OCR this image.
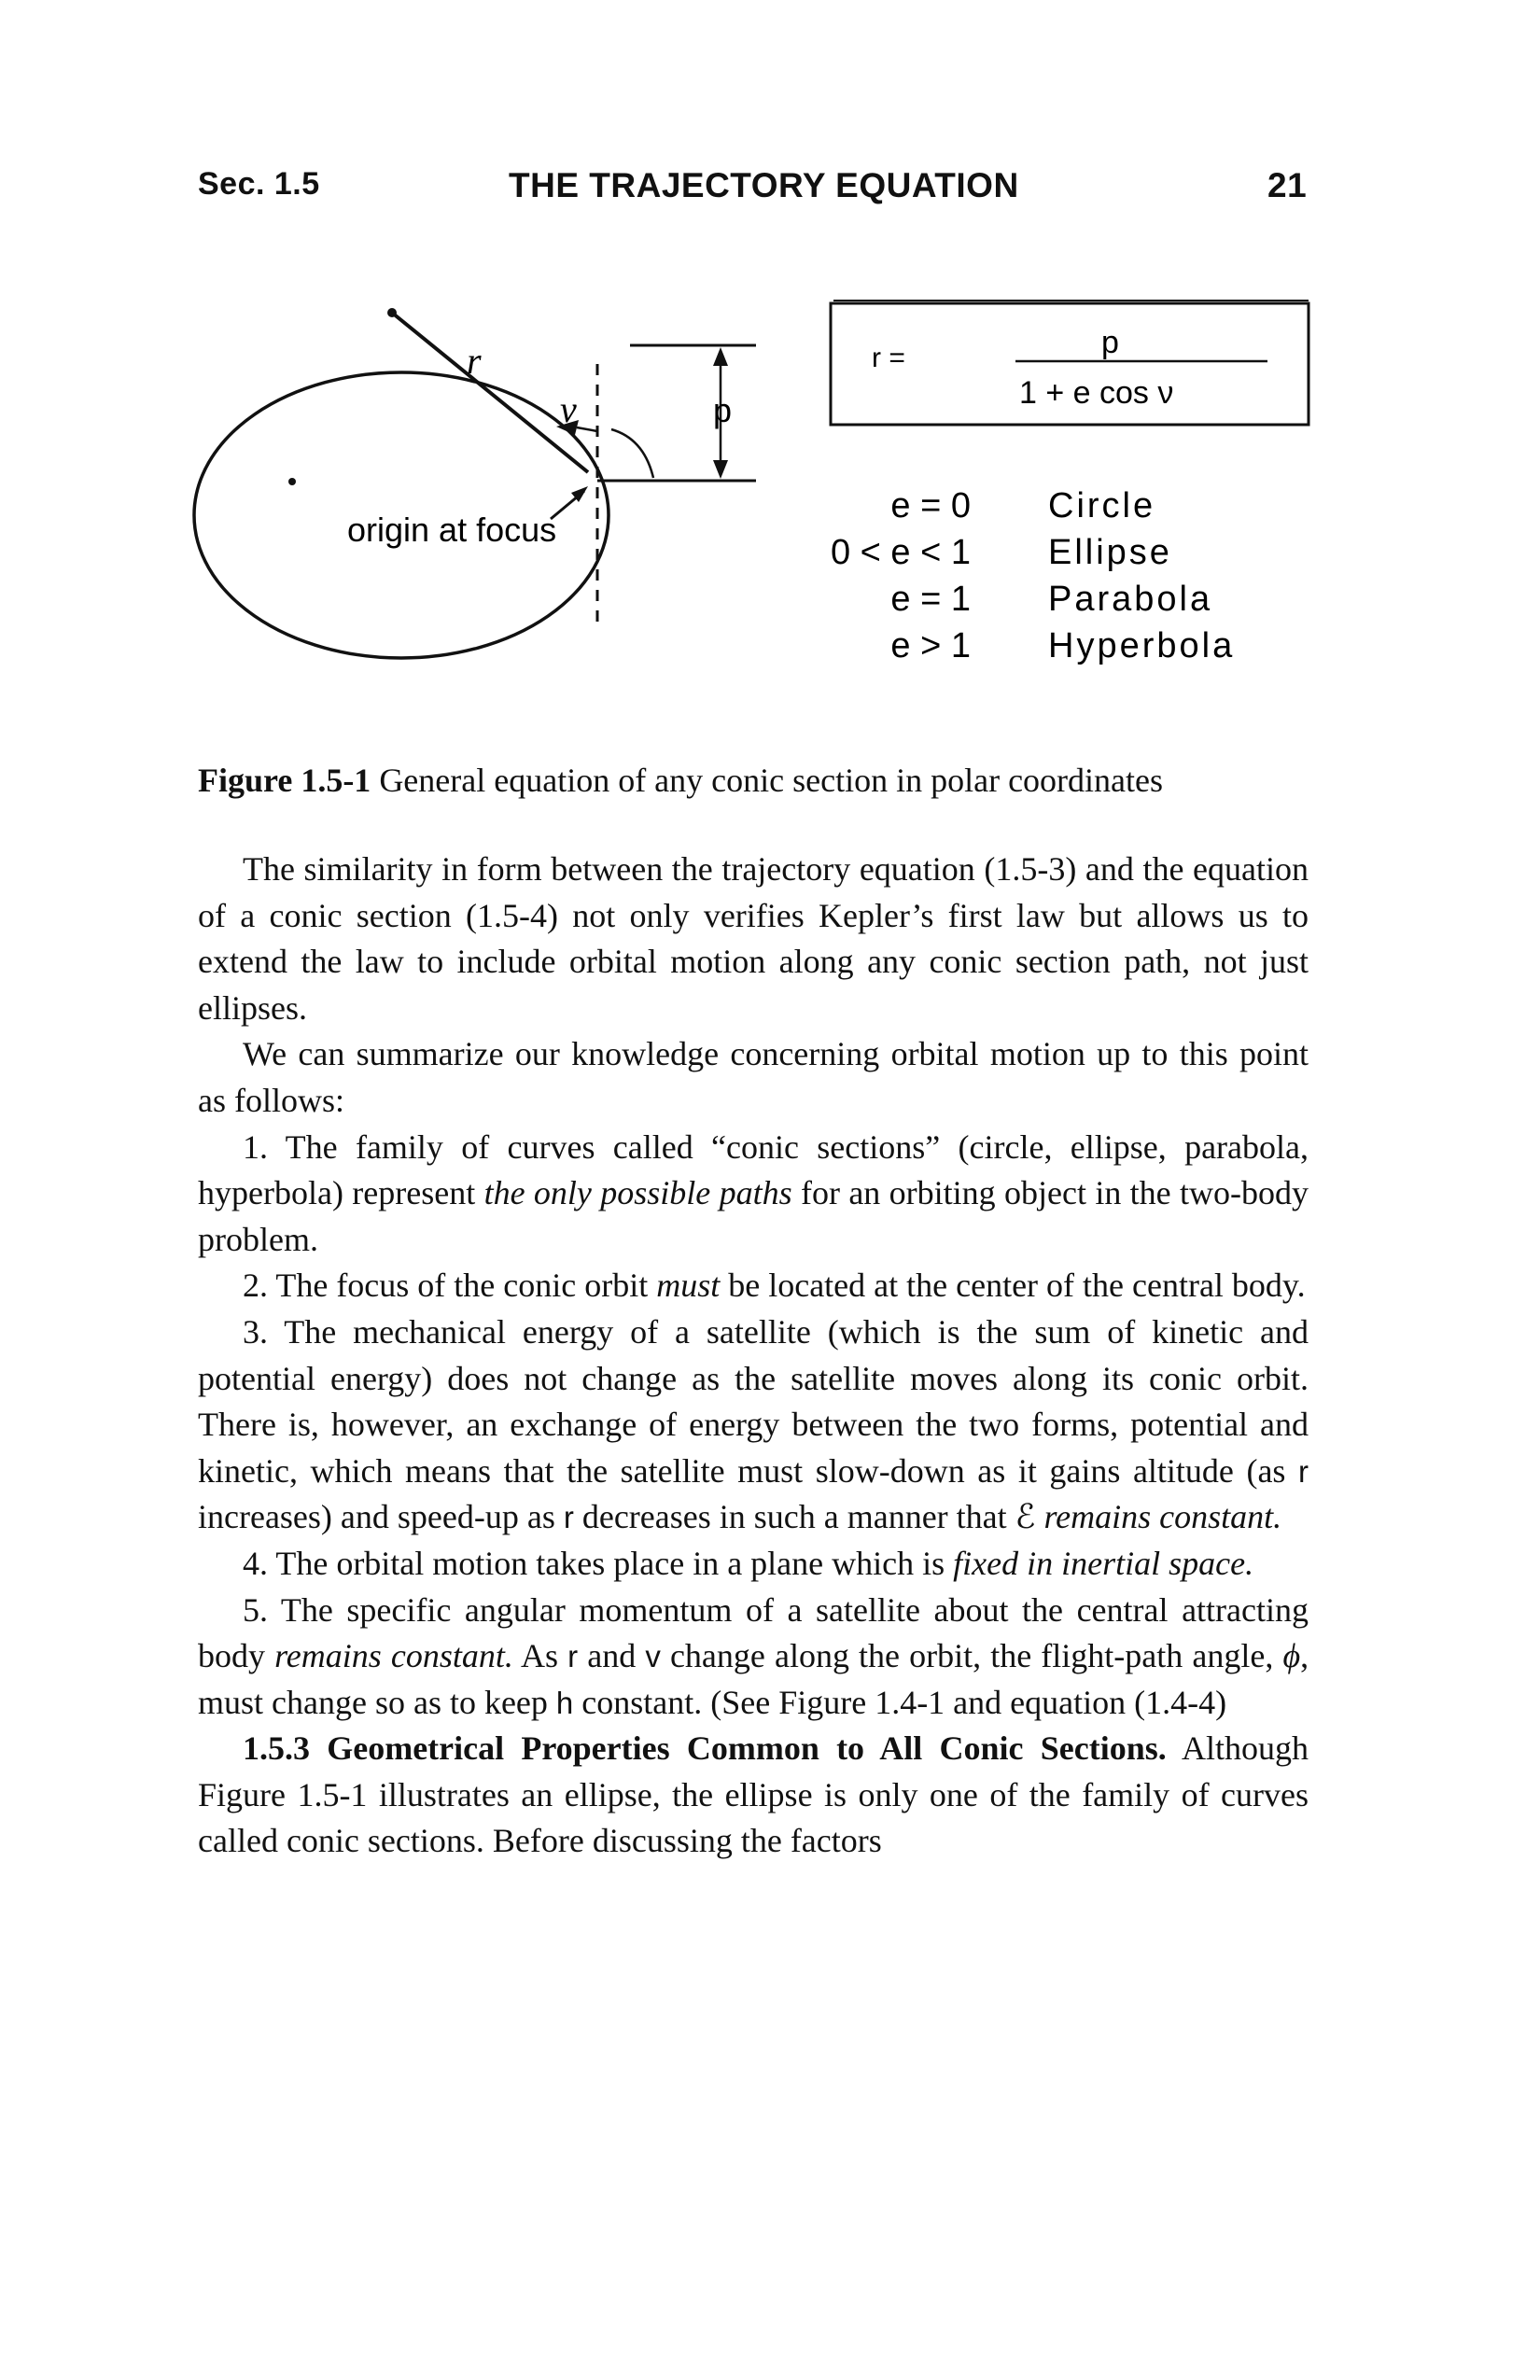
Sec. 1.5	THE TRAJECTORY EQUATION	21
r
ν	p
origin at focus
r =	p
1 + e cos ν
e = 0 Circle
0 < e < 1 Ellipse
e = 1 Parabola
e > 1 Hyperbola
Figure 1.5-1 General equation of any conic section in polar coordinates

The similarity in form between the trajectory equation (1.5-3) and the equation of a conic section (1.5-4) not only verifies Kepler’s first law but allows us to extend the law to include orbital motion along any conic section path, not just ellipses.

We can summarize our knowledge concerning orbital motion up to this point as follows:

1. The family of curves called “conic sections” (circle, ellipse, parabola, hyperbola) represent the only possible paths for an orbiting object in the two-body problem.

2. The focus of the conic orbit must be located at the center of the central body.

3. The mechanical energy of a satellite (which is the sum of kinetic and potential energy) does not change as the satellite moves along its conic orbit. There is, however, an exchange of energy between the two forms, potential and kinetic, which means that the satellite must slow-down as it gains altitude (as r increases) and speed-up as r decreases in such a manner that ℰ remains constant.

4. The orbital motion takes place in a plane which is fixed in inertial space.

5. The specific angular momentum of a satellite about the central attracting body remains constant. As r and v change along the orbit, the flight-path angle, ϕ, must change so as to keep h constant. (See Figure 1.4-1 and equation (1.4-4)

1.5.3 Geometrical Properties Common to All Conic Sections. Although Figure 1.5-1 illustrates an ellipse, the ellipse is only one of the family of curves called conic sections. Before discussing the factors
